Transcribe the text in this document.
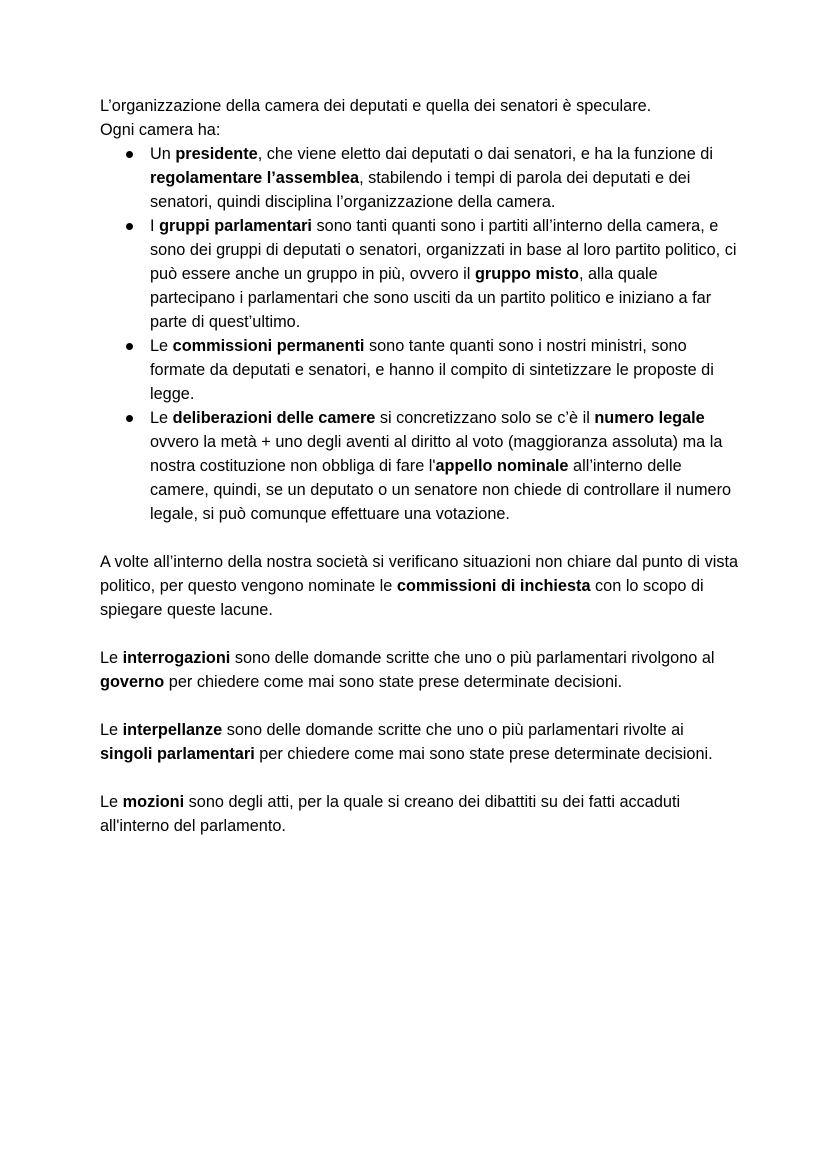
L’organizzazione della camera dei deputati e quella dei senatori è speculare.

Ogni camera ha:

Un presidente, che viene eletto dai deputati o dai senatori, e ha la funzione di regolamentare l’assemblea, stabilendo i tempi di parola dei deputati e dei senatori, quindi disciplina l’organizzazione della camera.
I gruppi parlamentari sono tanti quanti sono i partiti all’interno della camera, e sono dei gruppi di deputati o senatori, organizzati in base al loro partito politico, ci può essere anche un gruppo in più, ovvero il gruppo misto, alla quale partecipano i parlamentari che sono usciti da un partito politico e iniziano a far parte di quest’ultimo.
Le commissioni permanenti sono tante quanti sono i nostri ministri, sono formate da deputati e senatori, e hanno il compito di sintetizzare le proposte di legge.
Le deliberazioni delle camere si concretizzano solo se c’è il numero legale ovvero la metà + uno degli aventi al diritto al voto (maggioranza assoluta) ma la nostra costituzione non obbliga di fare l'appello nominale all’interno delle camere, quindi, se un deputato o un senatore non chiede di controllare il numero legale, si può comunque effettuare una votazione.

A volte all’interno della nostra società si verificano situazioni non chiare dal punto di vista politico, per questo vengono nominate le commissioni di inchiesta con lo scopo di spiegare queste lacune.

Le interrogazioni sono delle domande scritte che uno o più parlamentari rivolgono al governo per chiedere come mai sono state prese determinate decisioni.

Le interpellanze sono delle domande scritte che uno o più parlamentari rivolte ai singoli parlamentari per chiedere come mai sono state prese determinate decisioni.

Le mozioni sono degli atti, per la quale si creano dei dibattiti su dei fatti accaduti all'interno del parlamento.
